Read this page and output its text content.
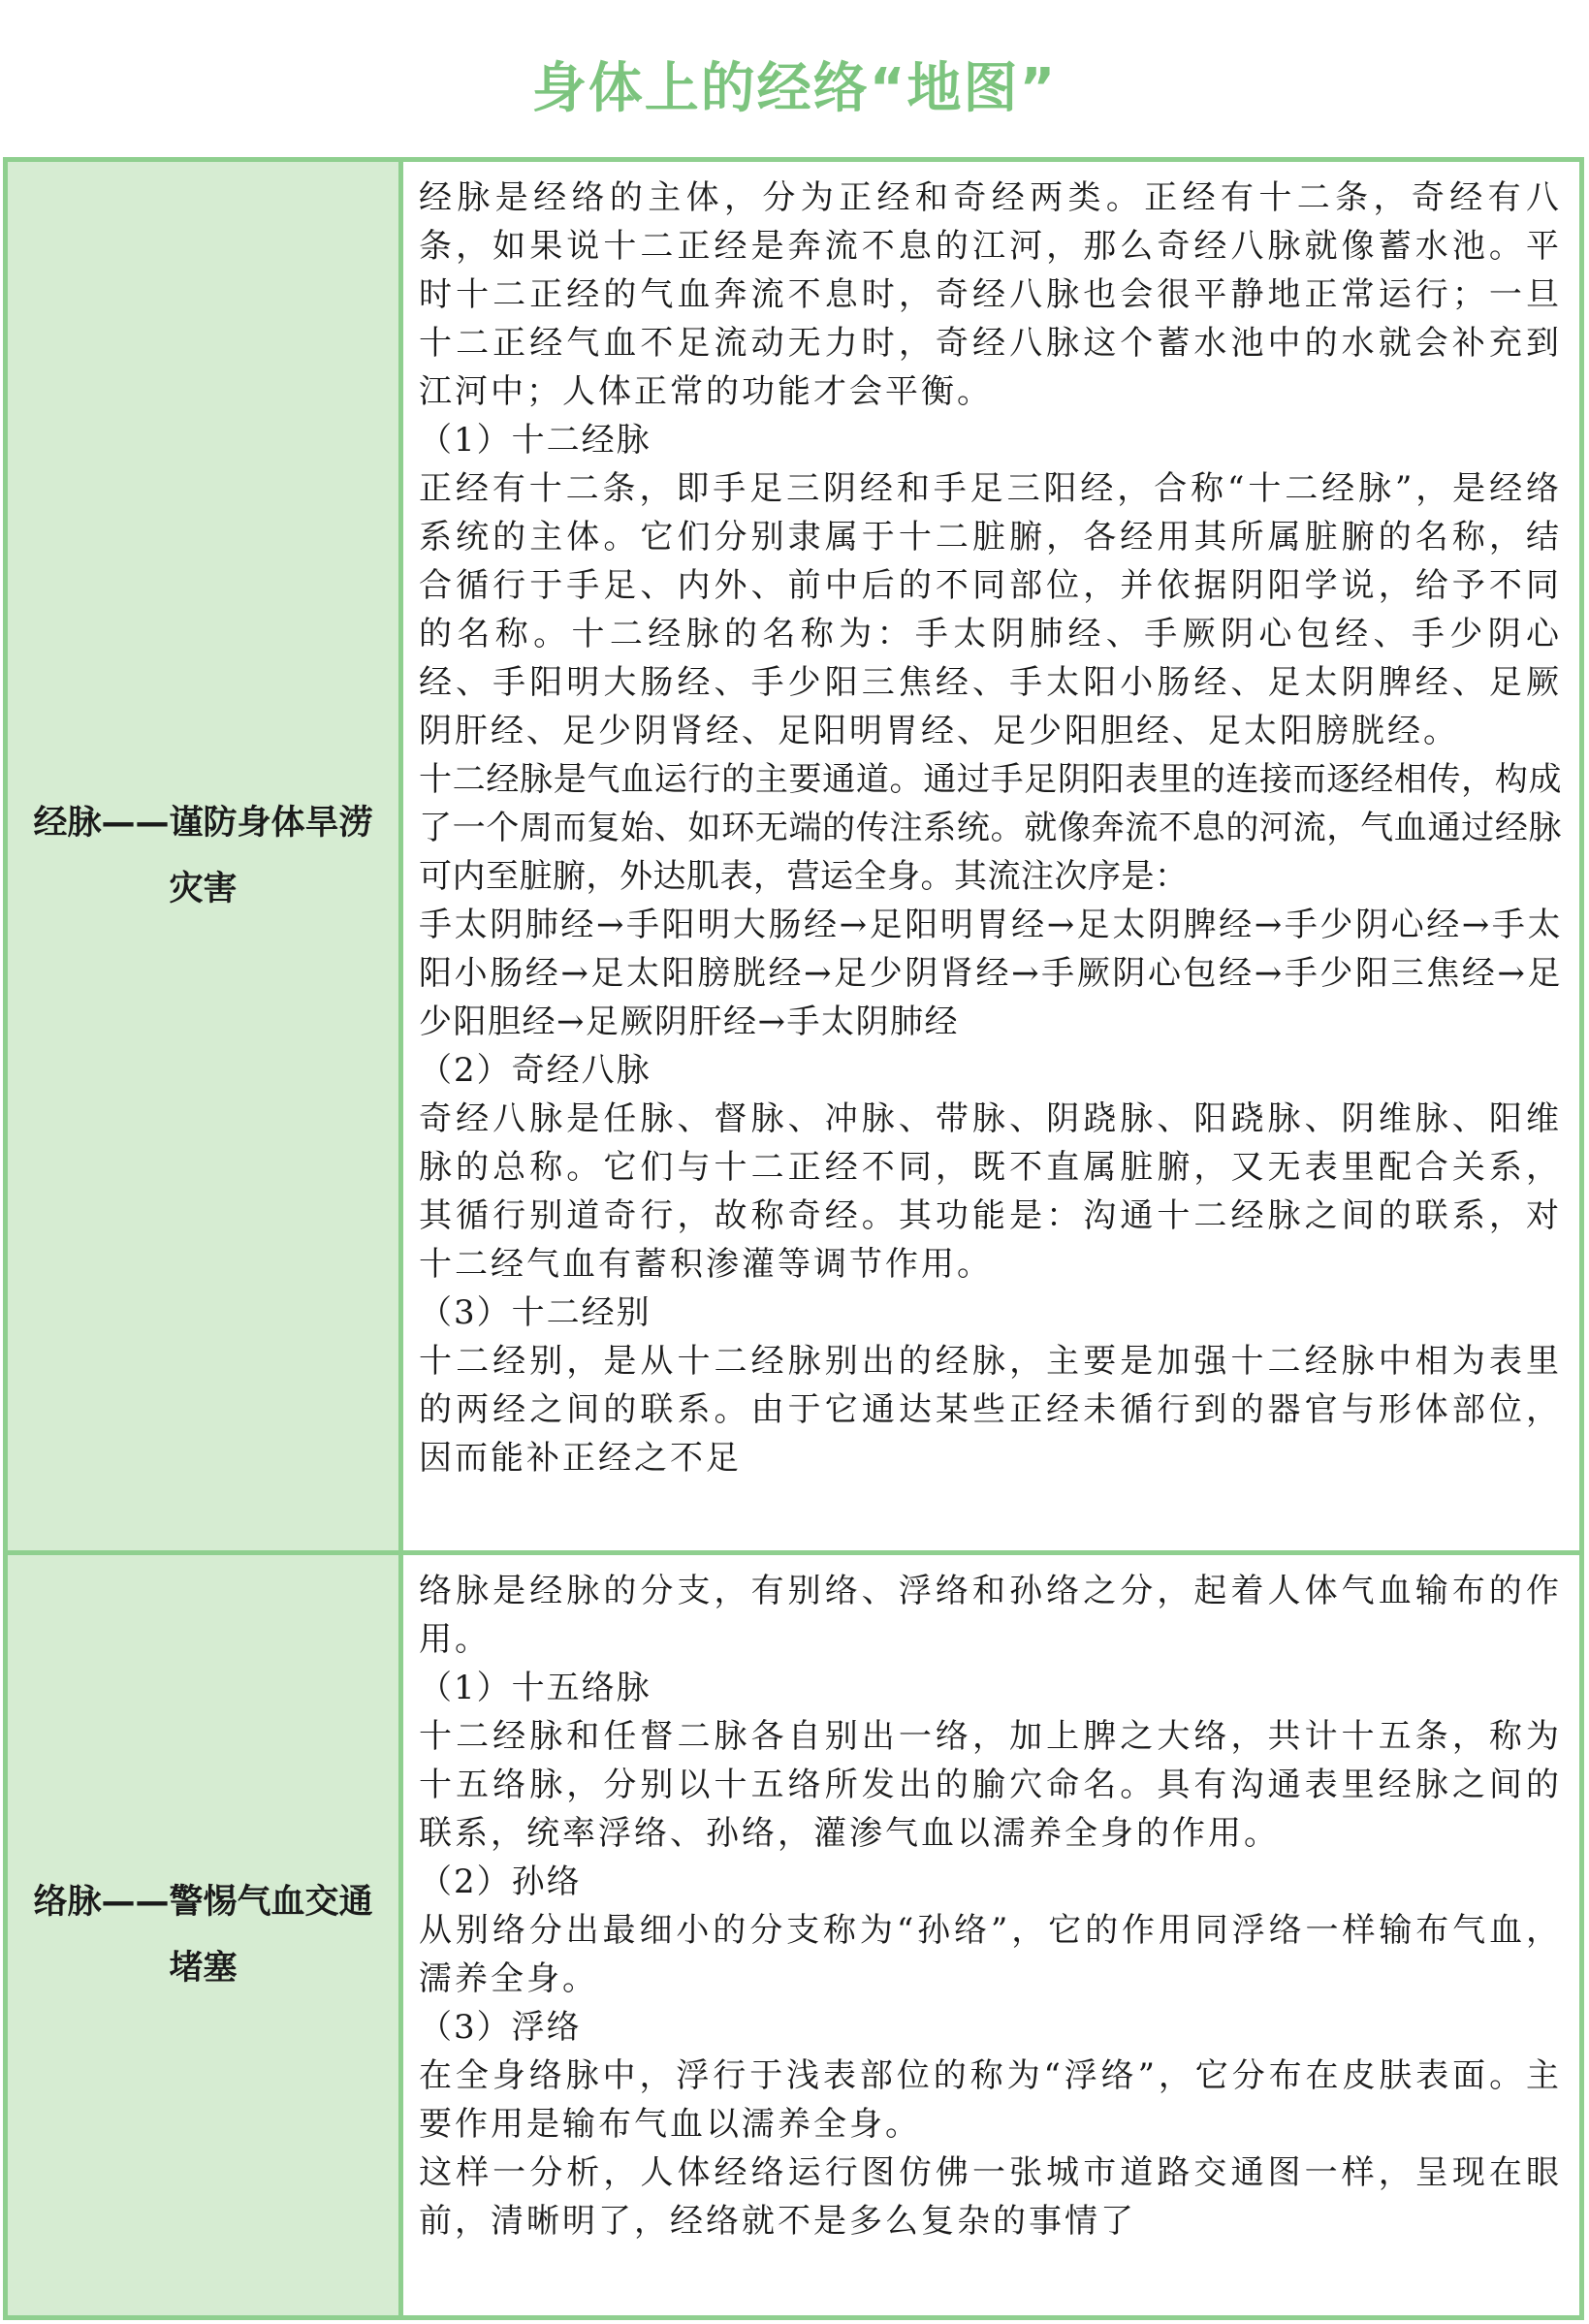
身体上的经络“地图”
经脉——谨防身体旱涝灾害

经脉是经络的主体，分为正经和奇经两类。正经有十二条，奇经有八条，如果说十二正经是奔流不息的江河，那么奇经八脉就像蓄水池。平时十二正经的气血奔流不息时，奇经八脉也会很平静地正常运行；一旦十二正经气血不足流动无力时，奇经八脉这个蓄水池中的水就会补充到江河中；人体正常的功能才会平衡。

（1）十二经脉

正经有十二条，即手足三阴经和手足三阳经，合称“十二经脉”，是经络系统的主体。它们分别隶属于十二脏腑，各经用其所属脏腑的名称，结合循行于手足、内外、前中后的不同部位，并依据阴阳学说，给予不同的名称。十二经脉的名称为：手太阴肺经、手厥阴心包经、手少阴心经、手阳明大肠经、手少阳三焦经、手太阳小肠经、足太阴脾经、足厥阴肝经、足少阴肾经、足阳明胃经、足少阳胆经、足太阳膀胱经。

十二经脉是气血运行的主要通道。通过手足阴阳表里的连接而逐经相传，构成了一个周而复始、如环无端的传注系统。就像奔流不息的河流，气血通过经脉可内至脏腑，外达肌表，营运全身。其流注次序是：

手太阴肺经→手阳明大肠经→足阳明胃经→足太阴脾经→手少阴心经→手太阳小肠经→足太阳膀胱经→足少阴肾经→手厥阴心包经→手少阳三焦经→足少阳胆经→足厥阴肝经→手太阴肺经

（2）奇经八脉

奇经八脉是任脉、督脉、冲脉、带脉、阴跷脉、阳跷脉、阴维脉、阳维脉的总称。它们与十二正经不同，既不直属脏腑，又无表里配合关系，其循行别道奇行，故称奇经。其功能是：沟通十二经脉之间的联系，对十二经气血有蓄积渗灌等调节作用。

（3）十二经别

十二经别，是从十二经脉别出的经脉，主要是加强十二经脉中相为表里的两经之间的联系。由于它通达某些正经未循行到的器官与形体部位，因而能补正经之不足

络脉——警惕气血交通堵塞

络脉是经脉的分支，有别络、浮络和孙络之分，起着人体气血输布的作用。

（1）十五络脉

十二经脉和任督二脉各自别出一络，加上脾之大络，共计十五条，称为十五络脉，分别以十五络所发出的腧穴命名。具有沟通表里经脉之间的联系，统率浮络、孙络，灌渗气血以濡养全身的作用。

（2）孙络

从别络分出最细小的分支称为“孙络”，它的作用同浮络一样输布气血，濡养全身。

（3）浮络

在全身络脉中，浮行于浅表部位的称为“浮络”，它分布在皮肤表面。主要作用是输布气血以濡养全身。

这样一分析，人体经络运行图仿佛一张城市道路交通图一样，呈现在眼前，清晰明了，经络就不是多么复杂的事情了
